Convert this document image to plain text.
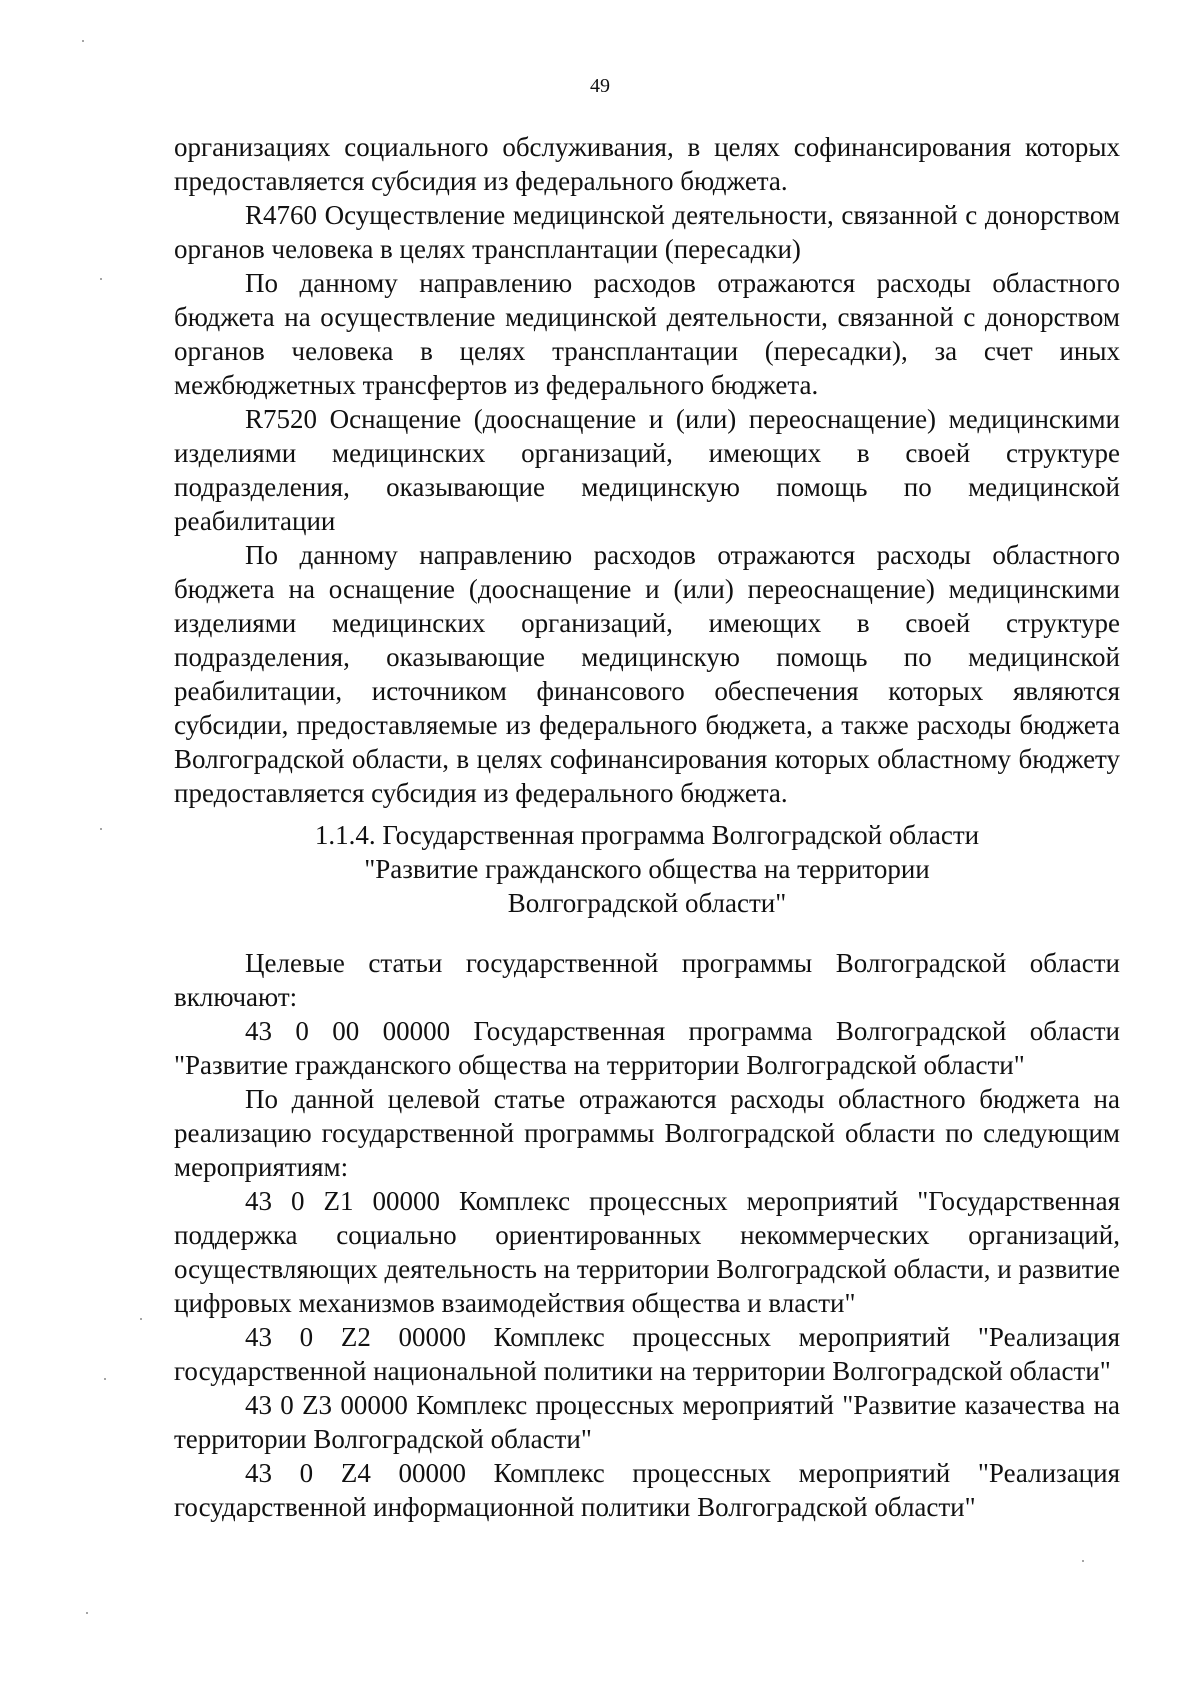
49

организациях социального обслуживания, в целях софинансирования которых предоставляется субсидия из федерального бюджета.

R4760 Осуществление медицинской деятельности, связанной с донорством органов человека в целях трансплантации (пересадки)

По данному направлению расходов отражаются расходы областного бюджета на осуществление медицинской деятельности, связанной с донорством органов человека в целях трансплантации (пересадки), за счет иных межбюджетных трансфертов из федерального бюджета.

R7520 Оснащение (дооснащение и (или) переоснащение) медицинскими изделиями медицинских организаций, имеющих в своей структуре подразделения, оказывающие медицинскую помощь по медицинской реабилитации

По данному направлению расходов отражаются расходы областного бюджета на оснащение (дооснащение и (или) переоснащение) медицинскими изделиями медицинских организаций, имеющих в своей структуре подразделения, оказывающие медицинскую помощь по медицинской реабилитации, источником финансового обеспечения которых являются субсидии, предоставляемые из федерального бюджета, а также расходы бюджета Волгоградской области, в целях софинансирования которых областному бюджету предоставляется субсидия из федерального бюджета.

1.1.4. Государственная программа Волгоградской области
"Развитие гражданского общества на территории
Волгоградской области"

Целевые статьи государственной программы Волгоградской области включают:

43 0 00 00000 Государственная программа Волгоградской области "Развитие гражданского общества на территории Волгоградской области"

По данной целевой статье отражаются расходы областного бюджета на реализацию государственной программы Волгоградской области по следующим мероприятиям:

43 0 Z1 00000 Комплекс процессных мероприятий "Государственная поддержка социально ориентированных некоммерческих организаций, осуществляющих деятельность на территории Волгоградской области, и развитие цифровых механизмов взаимодействия общества и власти"

43 0 Z2 00000 Комплекс процессных мероприятий "Реализация государственной национальной политики на территории Волгоградской области"

43 0 Z3 00000 Комплекс процессных мероприятий "Развитие казачества на территории Волгоградской области"

43 0 Z4 00000 Комплекс процессных мероприятий "Реализация государственной информационной политики Волгоградской области"
